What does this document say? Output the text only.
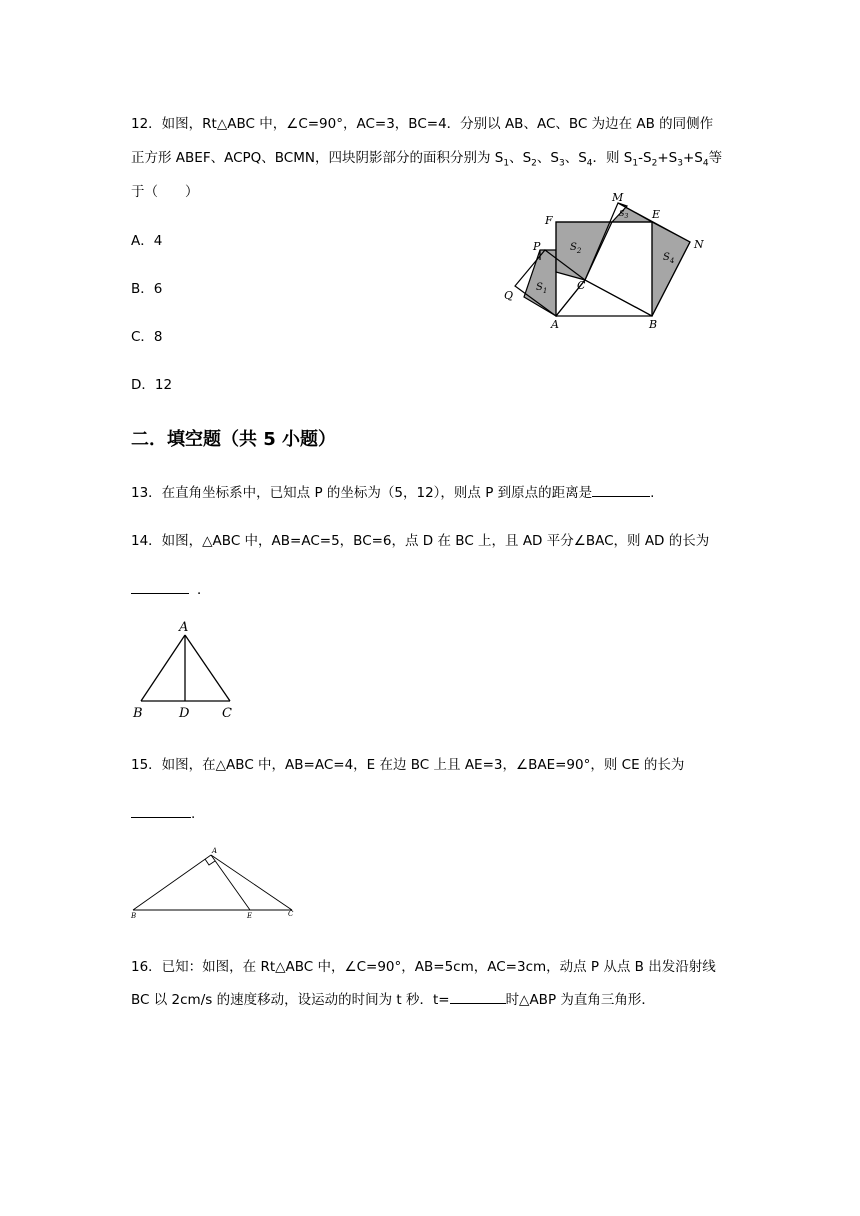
12．如图，Rt△ABC 中，∠C=90°，AC=3，BC=4．分别以 AB、AC、BC 为边在 AB 的同侧作
正方形 ABEF、ACPQ、BCMN，四块阴影部分的面积分别为 $S_1$、$S_2$、$S_3$、$S_4$．则 $S_1-S_2+S_3+S_4$等
于（　　）
A．4
B．6
C．8
D．12
M
F	E
N
P
Q
C
A	B
$S_1$
$S_2$
$S_3$
$S_4$
二．填空题（共 5 小题）
13．在直角坐标系中，已知点 P 的坐标为（5，12），则点 P 到原点的距离是	.
14．如图，△ABC 中，AB=AC=5，BC=6，点 D 在 BC 上，且 AD 平分∠BAC，则 AD 的长为
．
A
B	D	C
15．如图，在△ABC 中，AB=AC=4，E 在边 BC 上且 AE=3，∠BAE=90°，则 CE 的长为
.
A
B	E	C
16．已知：如图，在 Rt△ABC 中，∠C=90°，AB=5cm，AC=3cm，动点 P 从点 B 出发沿射线
BC 以 2cm/s 的速度移动，设运动的时间为 t 秒．t=	时△ABP 为直角三角形．
